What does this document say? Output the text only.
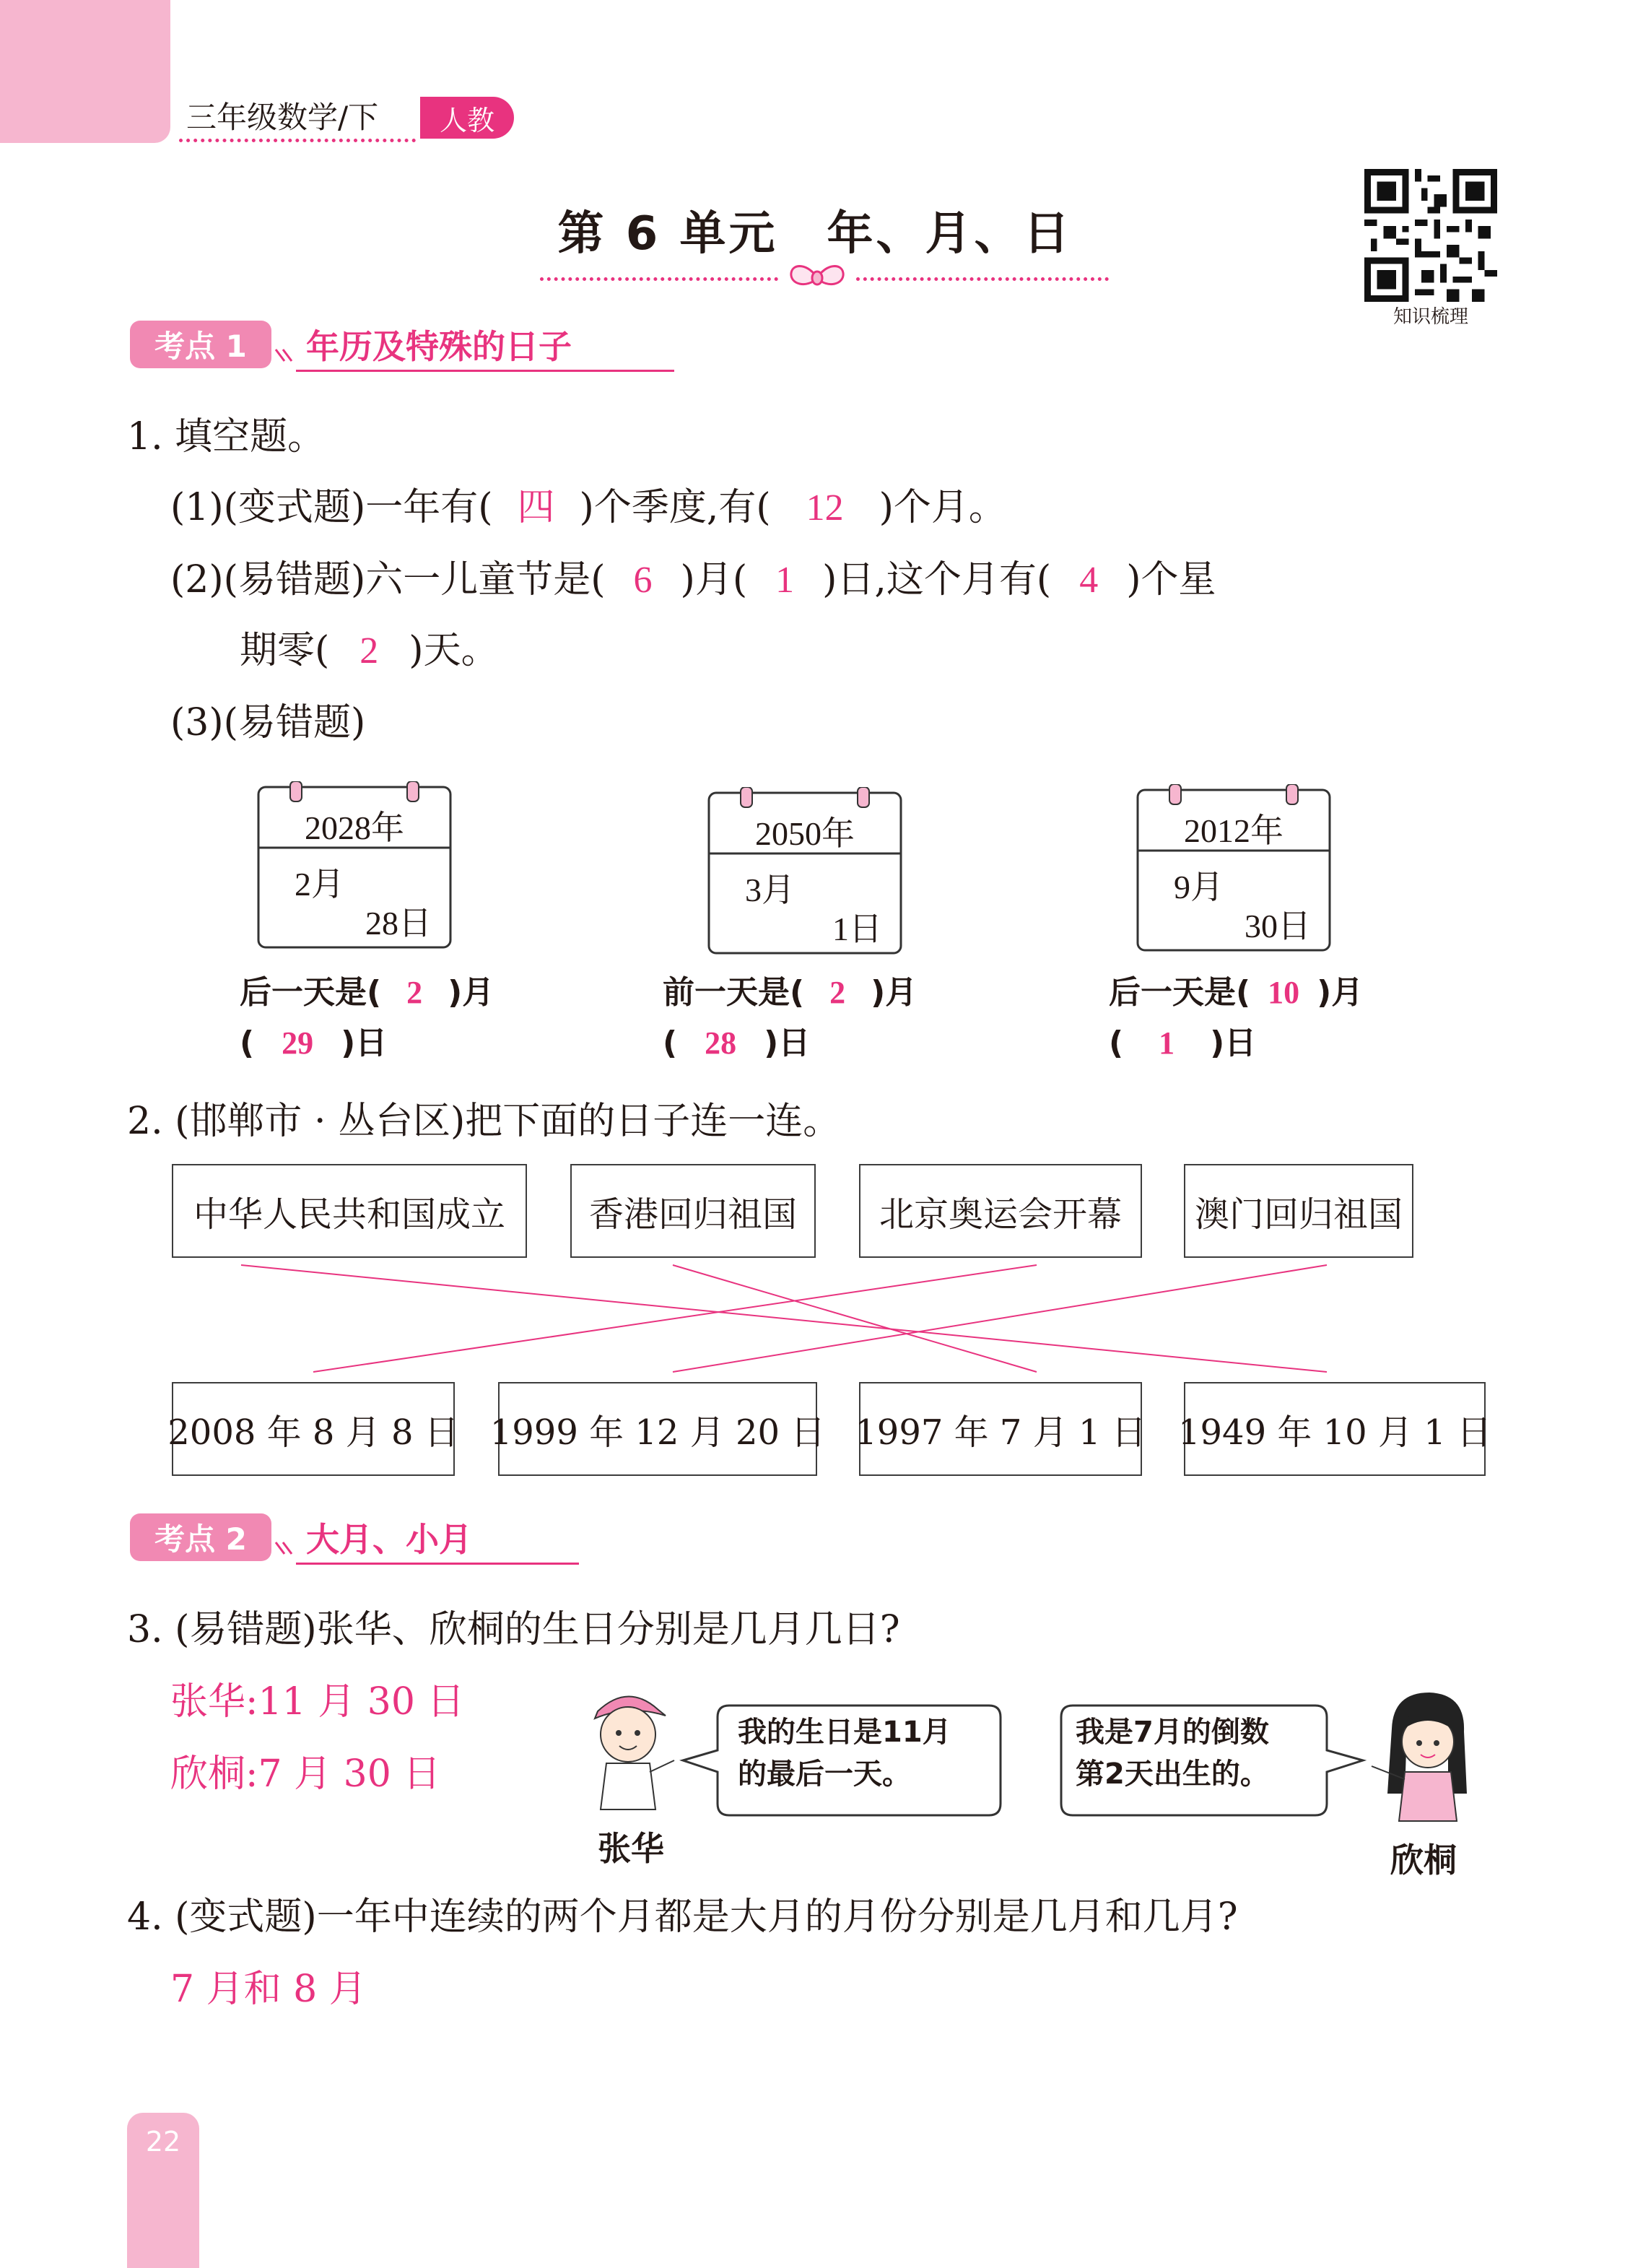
三年级数学/下	人教
第 6 单元　年、月、日
知识梳理
考点 1	年历及特殊的日子
1. 填空题。
(1)(变式题)一年有( 四 )个季度,有( 12 )个月。
(2)(易错题)六一儿童节是( 6 )月( 1 )日,这个月有( 4 )个星
期零( 2 )天。
(3)(易错题)
2028年
2月
28日
后一天是( 2 )月
( 29 )日
2050年
3月
1日
前一天是( 2 )月
( 28 )日
2012年
9月
30日
后一天是( 10 )月
( 1 )日
2. (邯郸市 · 丛台区)把下面的日子连一连。
中华人民共和国成立	香港回归祖国	北京奥运会开幕	澳门回归祖国
2008 年 8 月 8 日 1999 年 12 月 20 日 1997 年 7 月 1 日 1949 年 10 月 1 日
考点 2	大月、小月
3. (易错题)张华、欣桐的生日分别是几月几日?
张华:11 月 30 日
欣桐:7 月 30 日
张华
我的生日是11月
的最后一天。
我是7月的倒数
第2天出生的。
欣桐
4. (变式题)一年中连续的两个月都是大月的月份分别是几月和几月?
7 月和 8 月
22
